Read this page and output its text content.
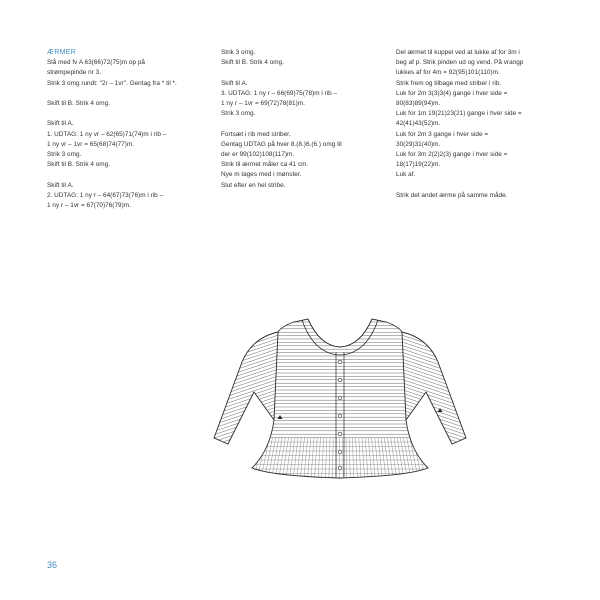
ÆRMER
Slå med fv A 63(66)72(75)m op på
strømpepinde nr 3.
Strik 3 omg rundt: "2r – 1vr". Gentag fra * til *.
Skift til B. Strik 4 omg.
Skift til A.
1. UDTAG: 1 ny vr – 62(65)71(74)m i rib –
1 ny vr – 1vr = 65(68)74(77)m.
Strik 3 omg.
Skift til B. Strik 4 omg.
Skift til A.
2. UDTAG: 1 ny r – 64(67)73(76)m i rib –
1 ny r – 1vr = 67(70)76(79)m.
Strik 3 omg.
Skift til B. Strik 4 omg.
Skift til A.
3. UDTAG: 1 ny r – 66(69)75(78)m i rib –
1 ny r – 1vr = 69(72)78(81)m.
Strik 3 omg.
Fortsæt i rib med striber.
Gentag UDTAG på hver 8.(8.)6.(6.) omg til
der er 99(102)108(117)m.
Strik til ærmet måler ca 41 cm.
Nye m tages med i mønster.
Slut efter en hel stribe.
Del ærmet til kuppel ved at lukke af for 3m i
beg af p. Strik pinden ud og vend. På vrangp
lukkes af for 4m = 92(95)101(110)m.
Strik frem og tilbage med striber i rib.
Luk for 2m 3(3)3(4) gange i hver side =
80(83)89(94)m.
Luk for 1m 19(21)23(21) gange i hver side =
42(41)43(52)m.
Luk for 2m 3 gange i hver side =
30(29)31(40)m.
Luk for 3m 2(2)2(3) gange i hver side =
18(17)19(22)m.
Luk af.
Strik det andet ærme på samme måde.
36
